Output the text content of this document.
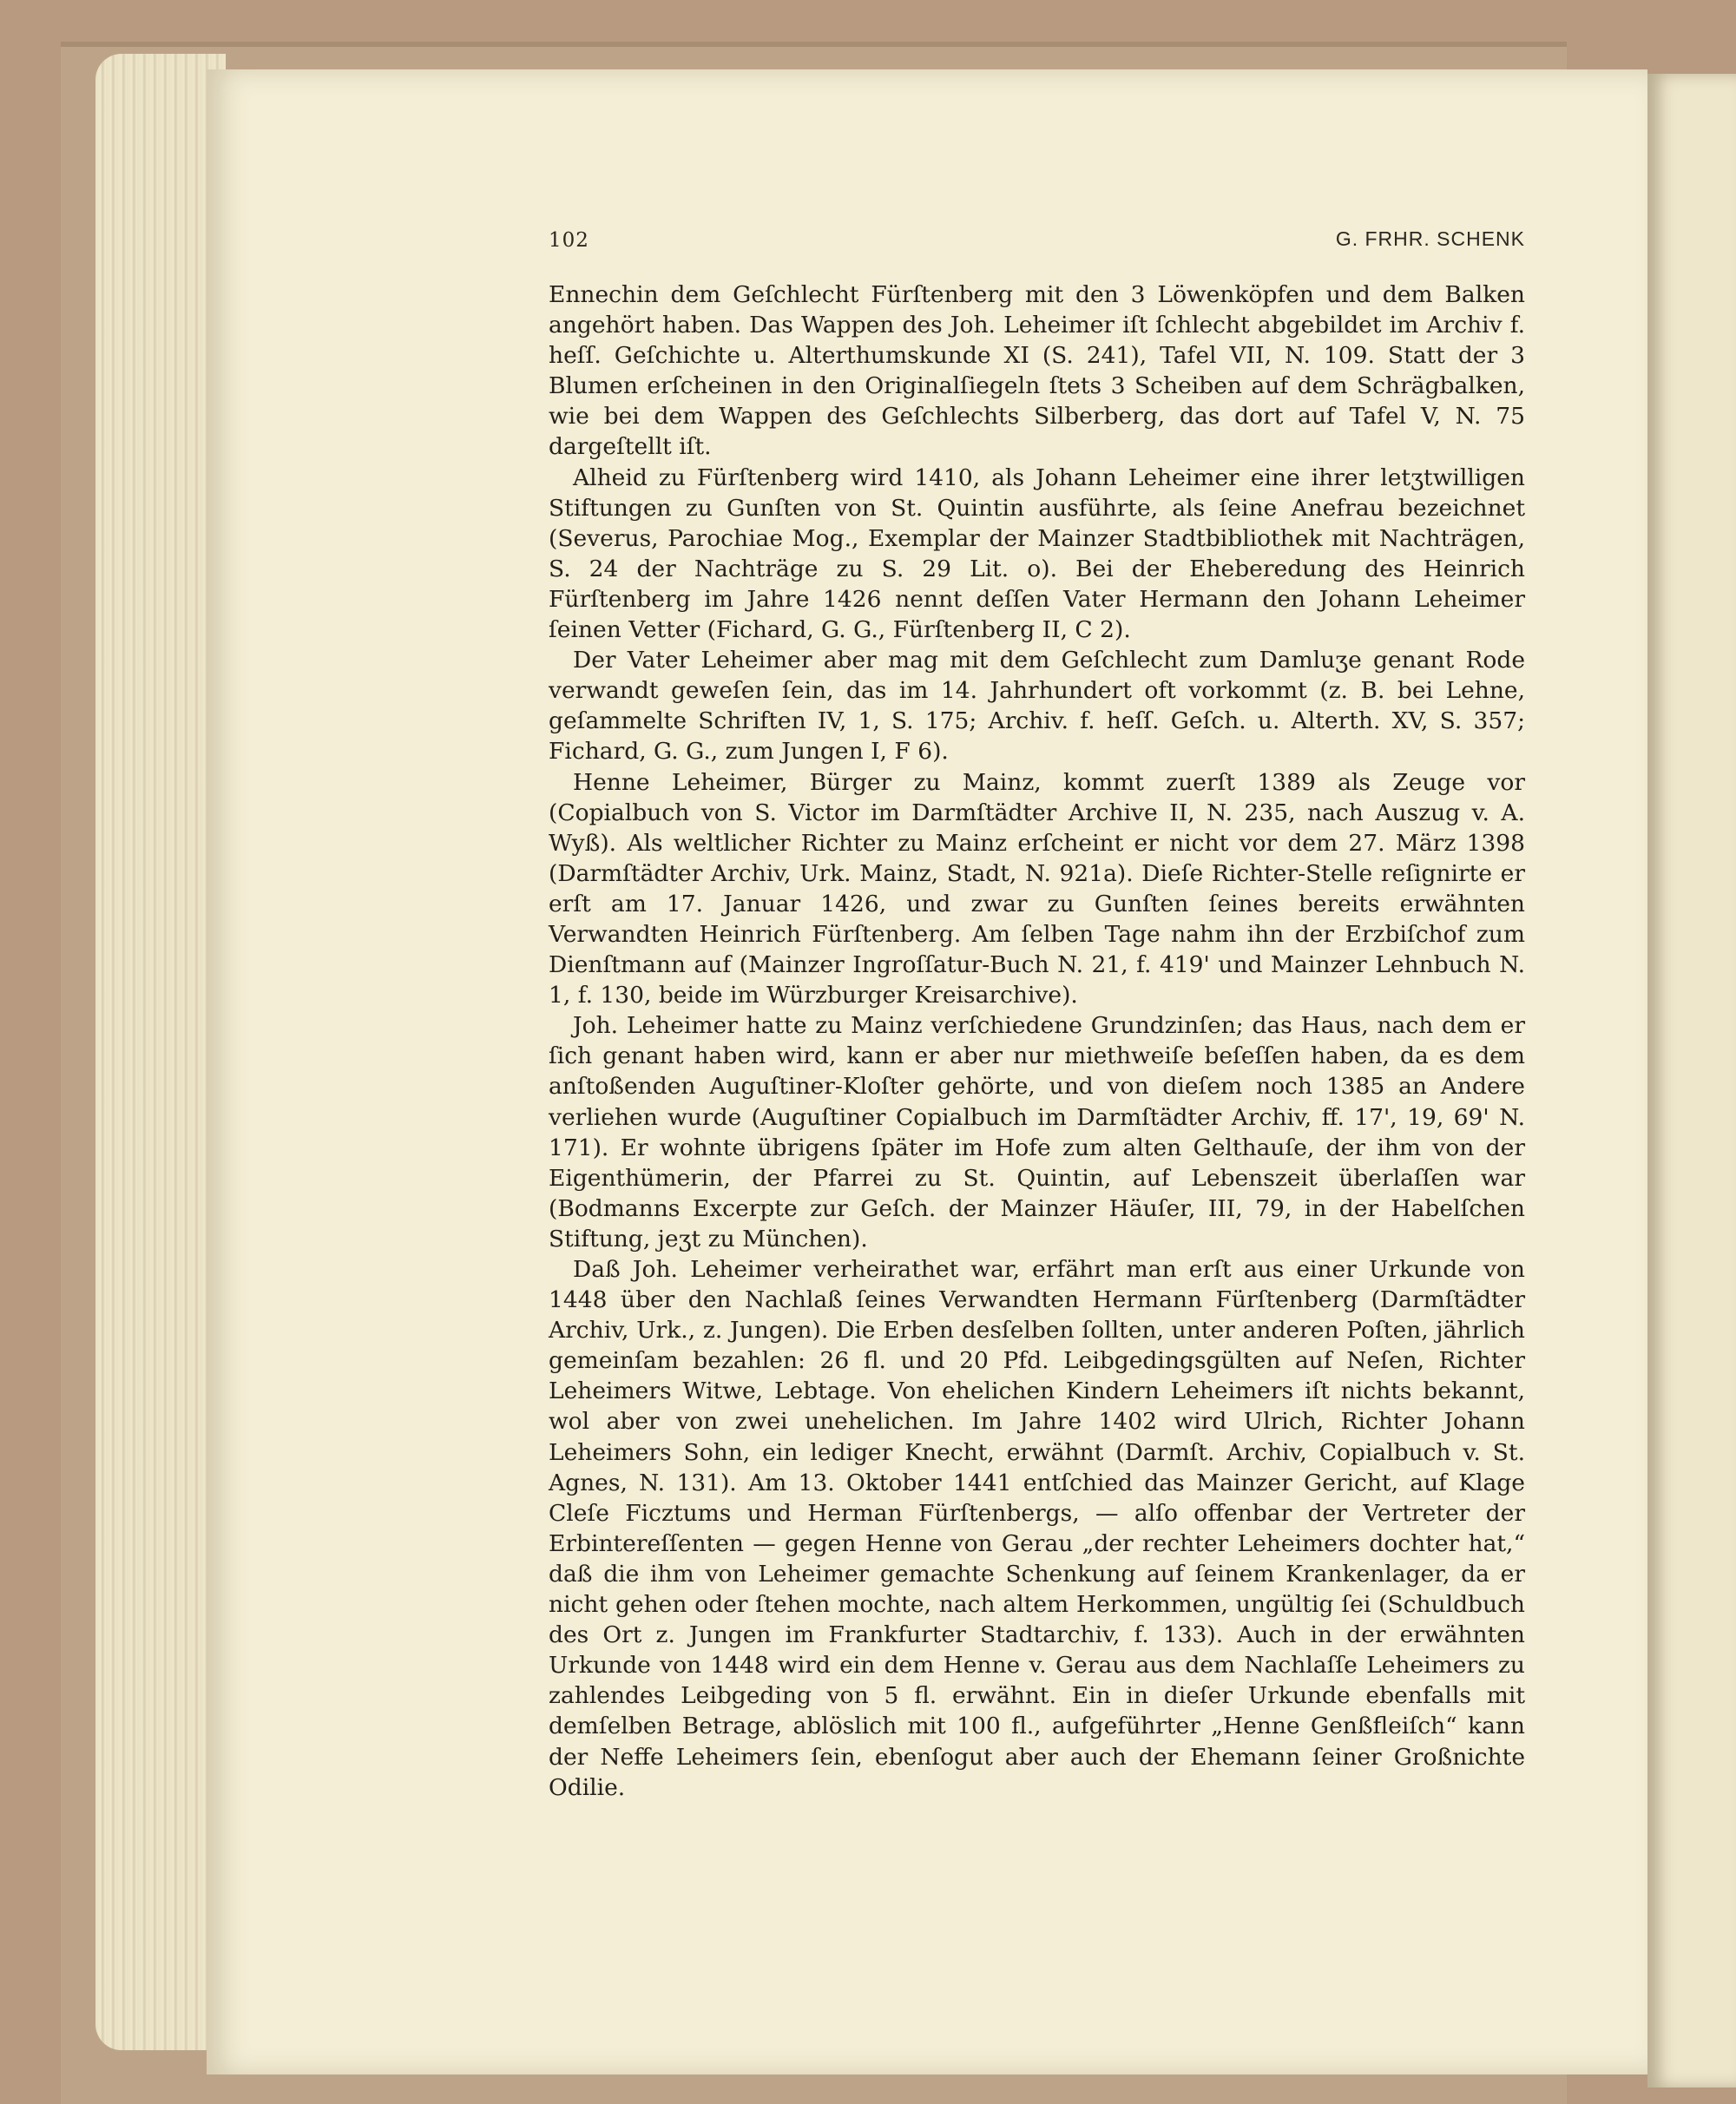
102	G. FRHR. SCHENK

Ennechin dem Geſchlecht Fürſtenberg mit den 3 Löwenköpfen und dem Balken angehört haben. Das Wappen des Joh. Leheimer iſt ſchlecht abgebildet im Archiv f. heſſ. Geſchichte u. Alterthumskunde XI (S. 241), Tafel VII, N. 109. Statt der 3 Blumen erſcheinen in den Originalſiegeln ſtets 3 Scheiben auf dem Schrägbalken, wie bei dem Wappen des Geſchlechts Silberberg, das dort auf Tafel V, N. 75 dargeſtellt iſt.

Alheid zu Fürſtenberg wird 1410, als Johann Leheimer eine ihrer letʒtwilligen Stiftungen zu Gunſten von St. Quintin ausführte, als ſeine Anefrau bezeichnet (Severus, Parochiae Mog., Exemplar der Mainzer Stadtbibliothek mit Nachträgen, S. 24 der Nachträge zu S. 29 Lit. o). Bei der Eheberedung des Heinrich Fürſtenberg im Jahre 1426 nennt deſſen Vater Hermann den Johann Leheimer ſeinen Vetter (Fichard, G. G., Fürſtenberg II, C 2).

Der Vater Leheimer aber mag mit dem Geſchlecht zum Damluʒe genant Rode verwandt geweſen ſein, das im 14. Jahrhundert oft vorkommt (z. B. bei Lehne, geſammelte Schriften IV, 1, S. 175; Archiv. f. heſſ. Geſch. u. Alterth. XV, S. 357; Fichard, G. G., zum Jungen I, F 6).

Henne Leheimer, Bürger zu Mainz, kommt zuerſt 1389 als Zeuge vor (Copialbuch von S. Victor im Darmſtädter Archive II, N. 235, nach Auszug v. A. Wyß). Als weltlicher Richter zu Mainz erſcheint er nicht vor dem 27. März 1398 (Darmſtädter Archiv, Urk. Mainz, Stadt, N. 921a). Dieſe Richter-Stelle reſignirte er erſt am 17. Januar 1426, und zwar zu Gunſten ſeines bereits erwähnten Verwandten Heinrich Fürſtenberg. Am ſelben Tage nahm ihn der Erzbiſchof zum Dienſtmann auf (Mainzer Ingroſſatur-Buch N. 21, f. 419' und Mainzer Lehnbuch N. 1, f. 130, beide im Würzburger Kreisarchive).

Joh. Leheimer hatte zu Mainz verſchiedene Grundzinſen; das Haus, nach dem er ſich genant haben wird, kann er aber nur miethweiſe beſeſſen haben, da es dem anſtoßenden Auguſtiner-Kloſter gehörte, und von dieſem noch 1385 an Andere verliehen wurde (Auguſtiner Copialbuch im Darmſtädter Archiv, ff. 17', 19, 69' N. 171). Er wohnte übrigens ſpäter im Hofe zum alten Gelthauſe, der ihm von der Eigenthümerin, der Pfarrei zu St. Quintin, auf Lebenszeit überlaſſen war (Bodmanns Excerpte zur Geſch. der Mainzer Häuſer, III, 79, in der Habelſchen Stiftung, jeʒt zu München).

Daß Joh. Leheimer verheirathet war, erfährt man erſt aus einer Urkunde von 1448 über den Nachlaß ſeines Verwandten Hermann Fürſtenberg (Darmſtädter Archiv, Urk., z. Jungen). Die Erben desſelben ſollten, unter anderen Poſten, jährlich gemeinſam bezahlen: 26 fl. und 20 Pfd. Leibgedingsgülten auf Neſen, Richter Leheimers Witwe, Lebtage. Von ehelichen Kindern Leheimers iſt nichts bekannt, wol aber von zwei unehelichen. Im Jahre 1402 wird Ulrich, Richter Johann Leheimers Sohn, ein lediger Knecht, erwähnt (Darmſt. Archiv, Copialbuch v. St. Agnes, N. 131). Am 13. Oktober 1441 entſchied das Mainzer Gericht, auf Klage Cleſe Ficztums und Herman Fürſtenbergs, — alſo offenbar der Vertreter der Erbintereſſenten — gegen Henne von Gerau „der rechter Leheimers dochter hat,“ daß die ihm von Leheimer gemachte Schenkung auf ſeinem Krankenlager, da er nicht gehen oder ſtehen mochte, nach altem Herkommen, ungültig ſei (Schuldbuch des Ort z. Jungen im Frankfurter Stadtarchiv, f. 133). Auch in der erwähnten Urkunde von 1448 wird ein dem Henne v. Gerau aus dem Nachlaſſe Leheimers zu zahlendes Leibgeding von 5 fl. erwähnt. Ein in dieſer Urkunde ebenfalls mit demſelben Betrage, ablöslich mit 100 fl., aufgeführter „Henne Genßfleiſch“ kann der Neffe Leheimers ſein, ebenſogut aber auch der Ehemann ſeiner Großnichte Odilie.
